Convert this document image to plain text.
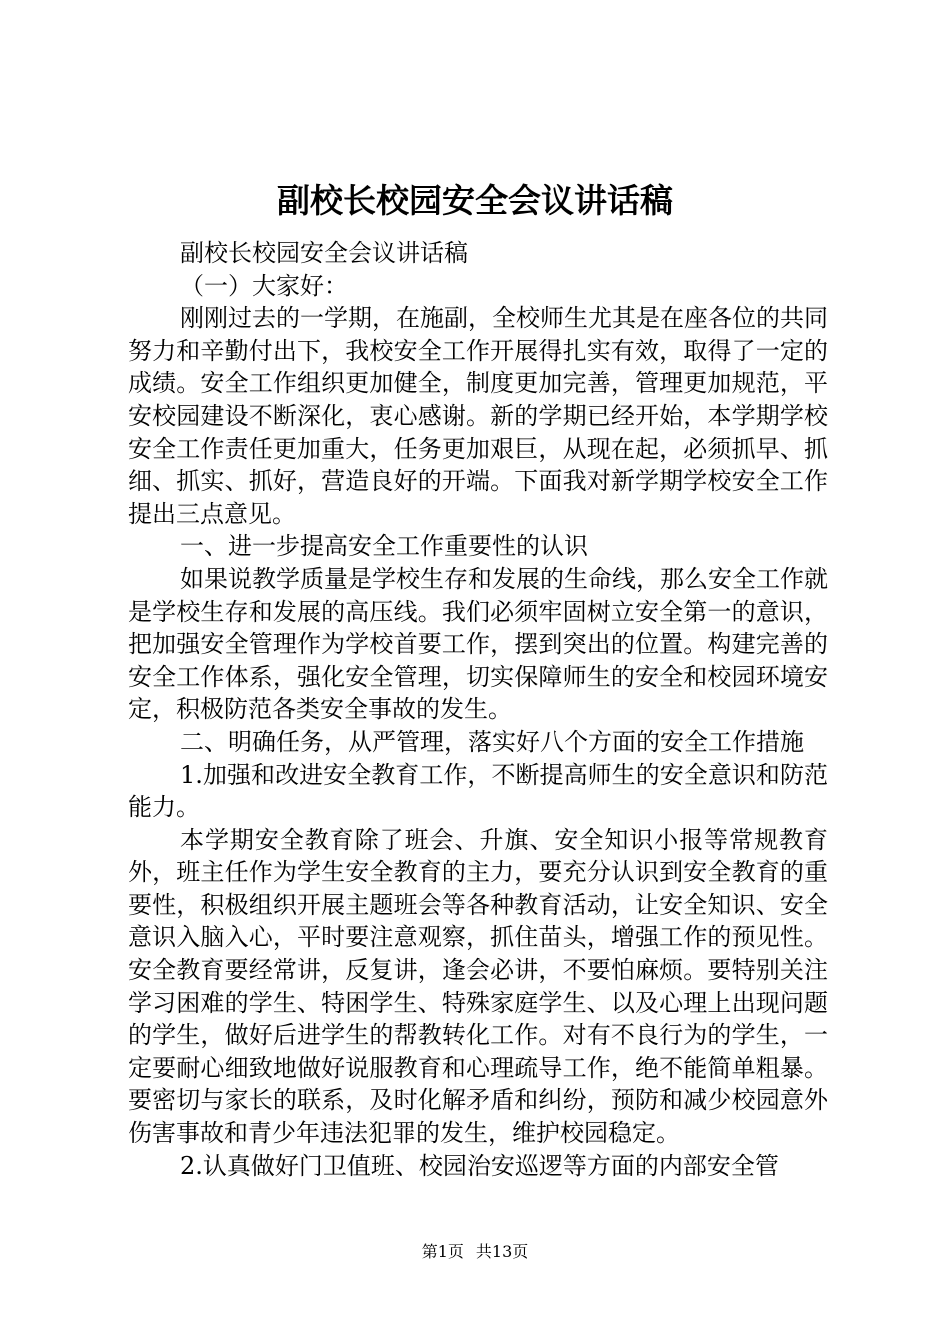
副校长校园安全会议讲话稿

副校长校园安全会议讲话稿

（一）大家好：

刚刚过去的一学期，在施副，全校师生尤其是在座各位的共同努力和辛勤付出下，我校安全工作开展得扎实有效，取得了一定的成绩。安全工作组织更加健全，制度更加完善，管理更加规范，平安校园建设不断深化，衷心感谢。新的学期已经开始，本学期学校安全工作责任更加重大，任务更加艰巨，从现在起，必须抓早、抓细、抓实、抓好，营造良好的开端。下面我对新学期学校安全工作提出三点意见。

一、进一步提高安全工作重要性的认识

如果说教学质量是学校生存和发展的生命线，那么安全工作就是学校生存和发展的高压线。我们必须牢固树立安全第一的意识，把加强安全管理作为学校首要工作，摆到突出的位置。构建完善的安全工作体系，强化安全管理，切实保障师生的安全和校园环境安定，积极防范各类安全事故的发生。

二、明确任务，从严管理，落实好八个方面的安全工作措施

1.加强和改进安全教育工作，不断提高师生的安全意识和防范能力。

本学期安全教育除了班会、升旗、安全知识小报等常规教育外，班主任作为学生安全教育的主力，要充分认识到安全教育的重要性，积极组织开展主题班会等各种教育活动，让安全知识、安全意识入脑入心，平时要注意观察，抓住苗头，增强工作的预见性。安全教育要经常讲，反复讲，逢会必讲，不要怕麻烦。要特别关注学习困难的学生、特困学生、特殊家庭学生、以及心理上出现问题的学生，做好后进学生的帮教转化工作。对有不良行为的学生，一定要耐心细致地做好说服教育和心理疏导工作，绝不能简单粗暴。要密切与家长的联系，及时化解矛盾和纠纷，预防和减少校园意外伤害事故和青少年违法犯罪的发生，维护校园稳定。

2.认真做好门卫值班、校园治安巡逻等方面的内部安全管

第1页 共13页
